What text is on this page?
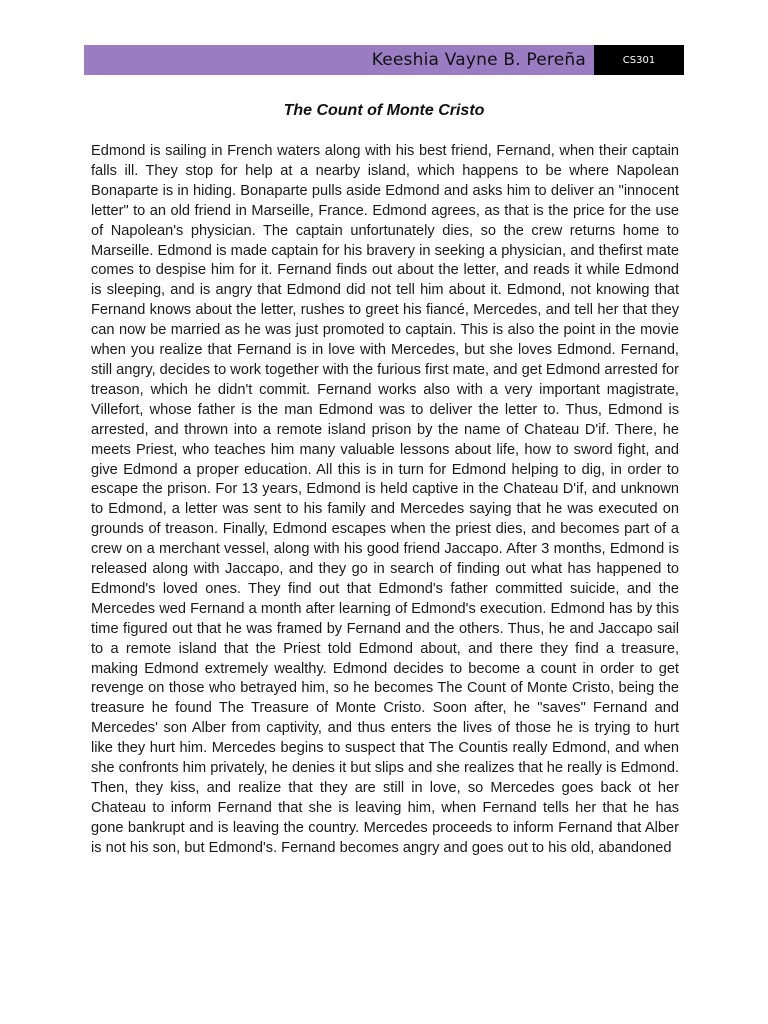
Keeshia Vayne B. Pereña	CS301
The Count of Monte Cristo

Edmond is sailing in French waters along with his best friend, Fernand, when their captain falls ill. They stop for help at a nearby island, which happens to be where Napolean Bonaparte is in hiding. Bonaparte pulls aside Edmond and asks him to deliver an "innocent letter" to an old friend in Marseille, France. Edmond agrees, as that is the price for the use of Napolean's physician. The captain unfortunately dies, so the crew returns home to Marseille. Edmond is made captain for his bravery in seeking a physician, and thefirst mate comes to despise him for it. Fernand finds out about the letter, and reads it while Edmond is sleeping, and is angry that Edmond did not tell him about it. Edmond, not knowing that Fernand knows about the letter, rushes to greet his fiancé, Mercedes, and tell her that they can now be married as he was just promoted to captain. This is also the point in the movie when you realize that Fernand is in love with Mercedes, but she loves Edmond. Fernand, still angry, decides to work together with the furious first mate, and get Edmond arrested for treason, which he didn't commit. Fernand works also with a very important magistrate, Villefort, whose father is the man Edmond was to deliver the letter to. Thus, Edmond is arrested, and thrown into a remote island prison by the name of Chateau D'if. There, he meets Priest, who teaches him many valuable lessons about life, how to sword fight, and give Edmond a proper education. All this is in turn for Edmond helping to dig, in order to escape the prison. For 13 years, Edmond is held captive in the Chateau D'if, and unknown to Edmond, a letter was sent to his family and Mercedes saying that he was executed on grounds of treason. Finally, Edmond escapes when the priest dies, and becomes part of a crew on a merchant vessel, along with his good friend Jaccapo. After 3 months, Edmond is released along with Jaccapo, and they go in search of finding out what has happened to Edmond's loved ones. They find out that Edmond's father committed suicide, and the Mercedes wed Fernand a month after learning of Edmond's execution. Edmond has by this time figured out that he was framed by Fernand and the others. Thus, he and Jaccapo sail to a remote island that the Priest told Edmond about, and there they find a treasure, making Edmond extremely wealthy. Edmond decides to become a count in order to get revenge on those who betrayed him, so he becomes The Count of Monte Cristo, being the treasure he found The Treasure of Monte Cristo. Soon after, he "saves" Fernand and Mercedes' son Alber from captivity, and thus enters the lives of those he is trying to hurt like they hurt him. Mercedes begins to suspect that The Countis really Edmond, and when she confronts him privately, he denies it but slips and she realizes that he really is Edmond. Then, they kiss, and realize that they are still in love, so Mercedes goes back ot her Chateau to inform Fernand that she is leaving him, when Fernand tells her that he has gone bankrupt and is leaving the country. Mercedes proceeds to inform Fernand that Alber is not his son, but Edmond's. Fernand becomes angry and goes out to his old, abandoned
